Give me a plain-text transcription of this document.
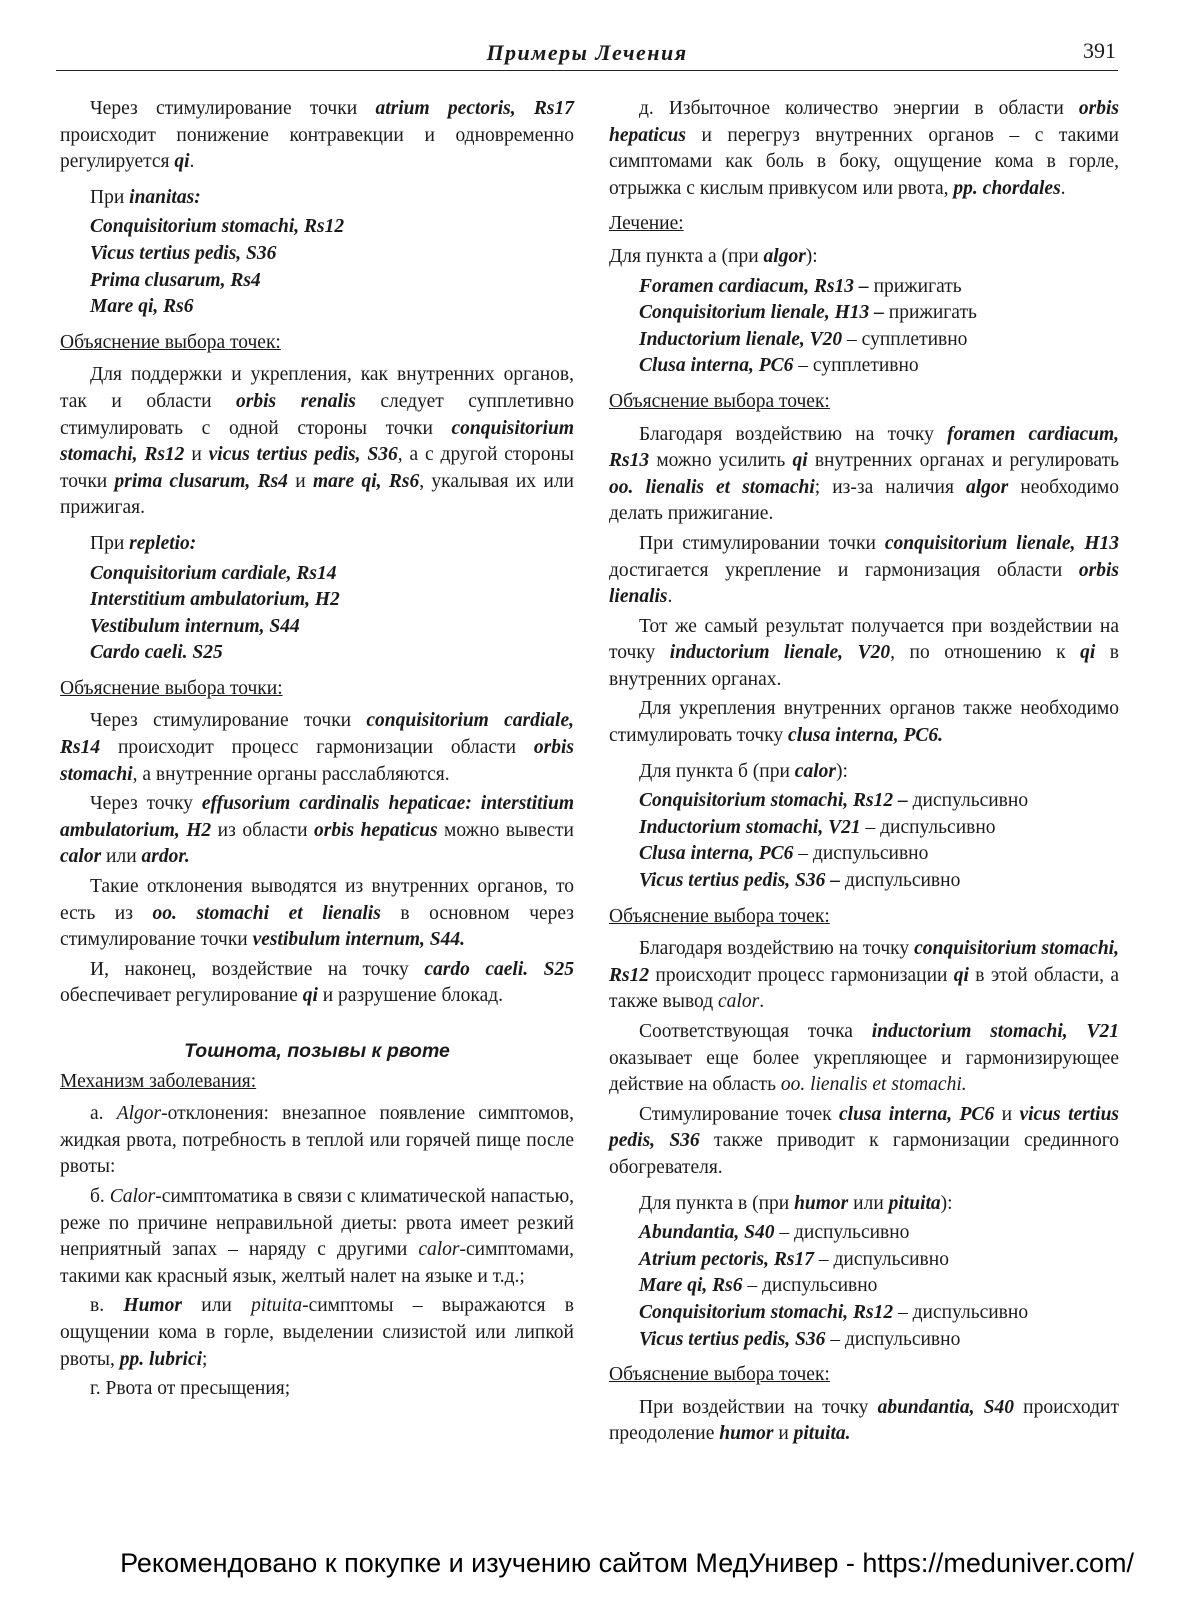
Примеры Лечения	391

Через стимулирование точки atrium pectoris, Rs17 происходит понижение контравекции и одновременно регулируется qi.

При inanitas:

Conquisitorium stomachi, Rs12
Vicus tertius pedis, S36
Prima clusarum, Rs4
Mare qi, Rs6
Объяснение выбора точек:

Для поддержки и укрепления, как внутренних органов, так и области orbis renalis следует супплетивно стимулировать с одной стороны точки conquisitorium stomachi, Rs12 и vicus tertius pedis, S36, а с другой стороны точки prima clusarum, Rs4 и mare qi, Rs6, укалывая их или прижигая.

При repletio:

Conquisitorium cardiale, Rs14
Interstitium ambulatorium, H2
Vestibulum internum, S44
Cardo caeli. S25
Объяснение выбора точки:

Через стимулирование точки conquisitorium cardiale, Rs14 происходит процесс гармонизации области orbis stomachi, а внутренние органы расслабляются.

Через точку effusorium cardinalis hepaticae: interstitium ambulatorium, H2 из области orbis hepaticus можно вывести calor или ardor.

Такие отклонения выводятся из внутренних органов, то есть из oo. stomachi et lienalis в основном через стимулирование точки vestibulum internum, S44.

И, наконец, воздействие на точку cardo caeli. S25 обеспечивает регулирование qi и разрушение блокад.

Тошнота, позывы к рвоте
Механизм заболевания:

а. Algor-отклонения: внезапное появление симптомов, жидкая рвота, потребность в теплой или горячей пище после рвоты:

б. Calor-симптоматика в связи с климатической напастью, реже по причине неправильной диеты: рвота имеет резкий неприятный запах – наряду с другими calor-симптомами, такими как красный язык, желтый налет на языке и т.д.;

в. Humor или pituita-симптомы – выражаются в ощущении кома в горле, выделении слизистой или липкой рвоты, pp. lubrici;

г. Рвота от пресыщения;

д. Избыточное количество энергии в области orbis hepaticus и перегруз внутренних органов – с такими симптомами как боль в боку, ощущение кома в горле, отрыжка с кислым привкусом или рвота, pp. chordales.

Лечение:

Для пункта а (при algor):

Foramen cardiacum, Rs13 – прижигать
Conquisitorium lienale, H13 – прижигать
Inductorium lienale, V20 – супплетивно
Clusa interna, PC6 – супплетивно
Объяснение выбора точек:

Благодаря воздействию на точку foramen cardiacum, Rs13 можно усилить qi внутренних органах и регулировать oo. lienalis et stomachi; из-за наличия algor необходимо делать прижигание.

При стимулировании точки conquisitorium lienale, H13 достигается укрепление и гармонизация области orbis lienalis.

Тот же самый результат получается при воздействии на точку inductorium lienale, V20, по отношению к qi в внутренних органах.

Для укрепления внутренних органов также необходимо стимулировать точку clusa interna, PC6.

Для пункта б (при calor):

Conquisitorium stomachi, Rs12 – диспульсивно
Inductorium stomachi, V21 – диспульсивно
Clusa interna, PC6 – диспульсивно
Vicus tertius pedis, S36 – диспульсивно
Объяснение выбора точек:

Благодаря воздействию на точку conquisitorium stomachi, Rs12 происходит процесс гармонизации qi в этой области, а также вывод calor.

Соответствующая точка inductorium stomachi, V21 оказывает еще более укрепляющее и гармонизирующее действие на область oo. lienalis et stomachi.

Стимулирование точек clusa interna, PC6 и vicus tertius pedis, S36 также приводит к гармонизации срединного обогревателя.

Для пункта в (при humor или pituita):

Abundantia, S40 – диспульсивно
Atrium pectoris, Rs17 – диспульсивно
Mare qi, Rs6 – диспульсивно
Conquisitorium stomachi, Rs12 – диспульсивно
Vicus tertius pedis, S36 – диспульсивно
Объяснение выбора точек:

При воздействии на точку abundantia, S40 происходит преодоление humor и pituita.

Рекомендовано к покупке и изучению сайтом МедУнивер - https://meduniver.com/
